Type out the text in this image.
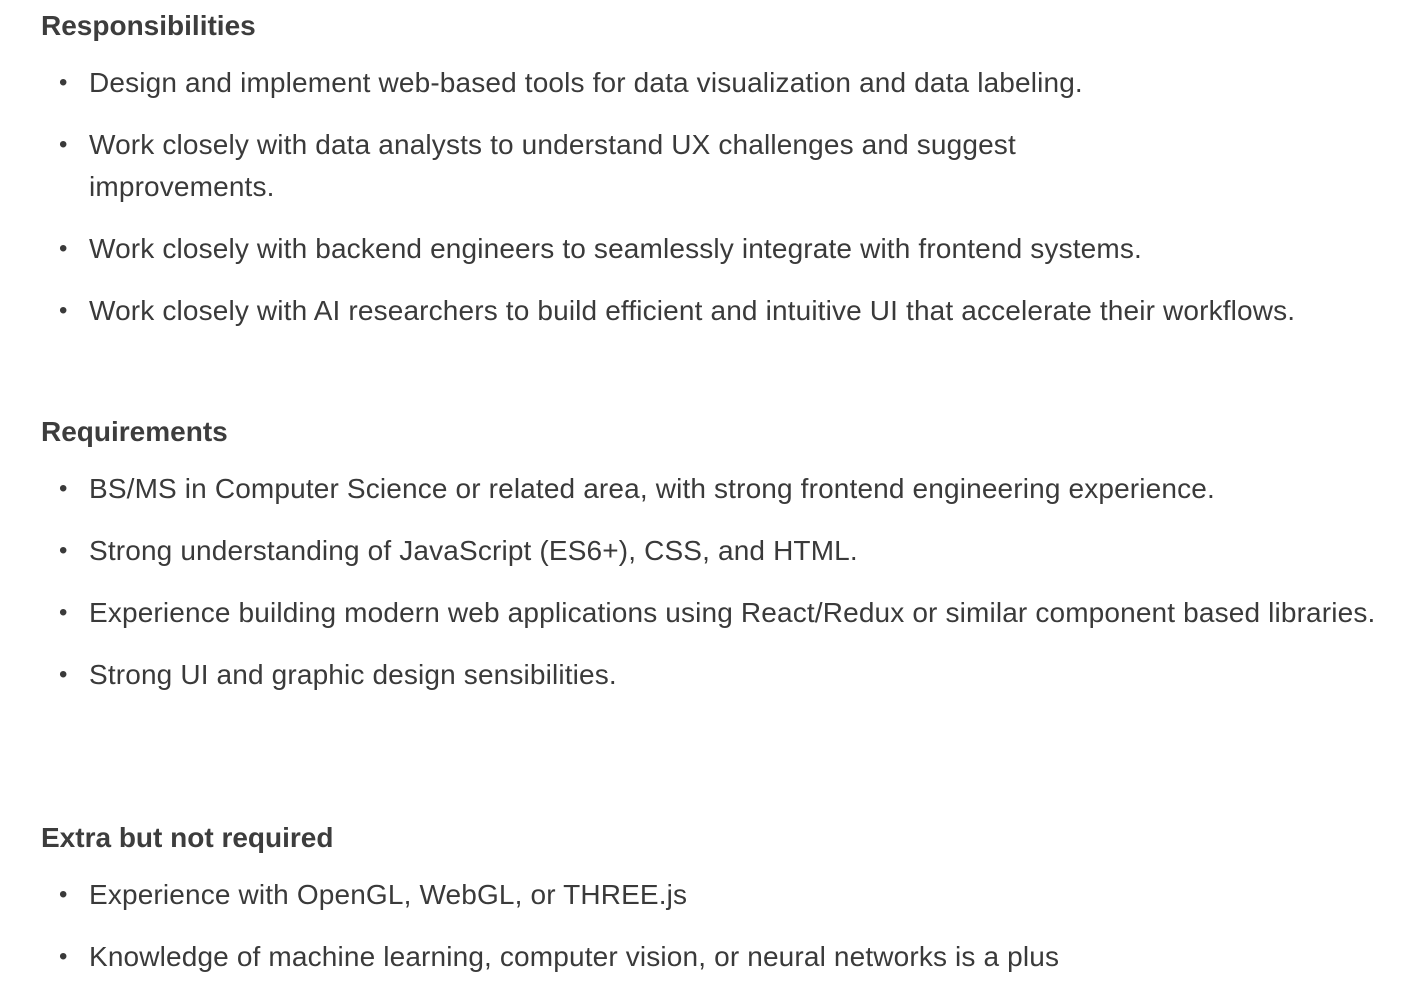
Responsibilities
• Design and implement web-based tools for data visualization and data labeling.
• Work closely with data analysts to understand UX challenges and suggest improvements.
• Work closely with backend engineers to seamlessly integrate with frontend systems.
• Work closely with AI researchers to build efficient and intuitive UI that accelerate their workflows.
Requirements
• BS/MS in Computer Science or related area, with strong frontend engineering experience.
• Strong understanding of JavaScript (ES6+), CSS, and HTML.
• Experience building modern web applications using React/Redux or similar component based libraries.
• Strong UI and graphic design sensibilities.
Extra but not required
• Experience with OpenGL, WebGL, or THREE.js
• Knowledge of machine learning, computer vision, or neural networks is a plus
